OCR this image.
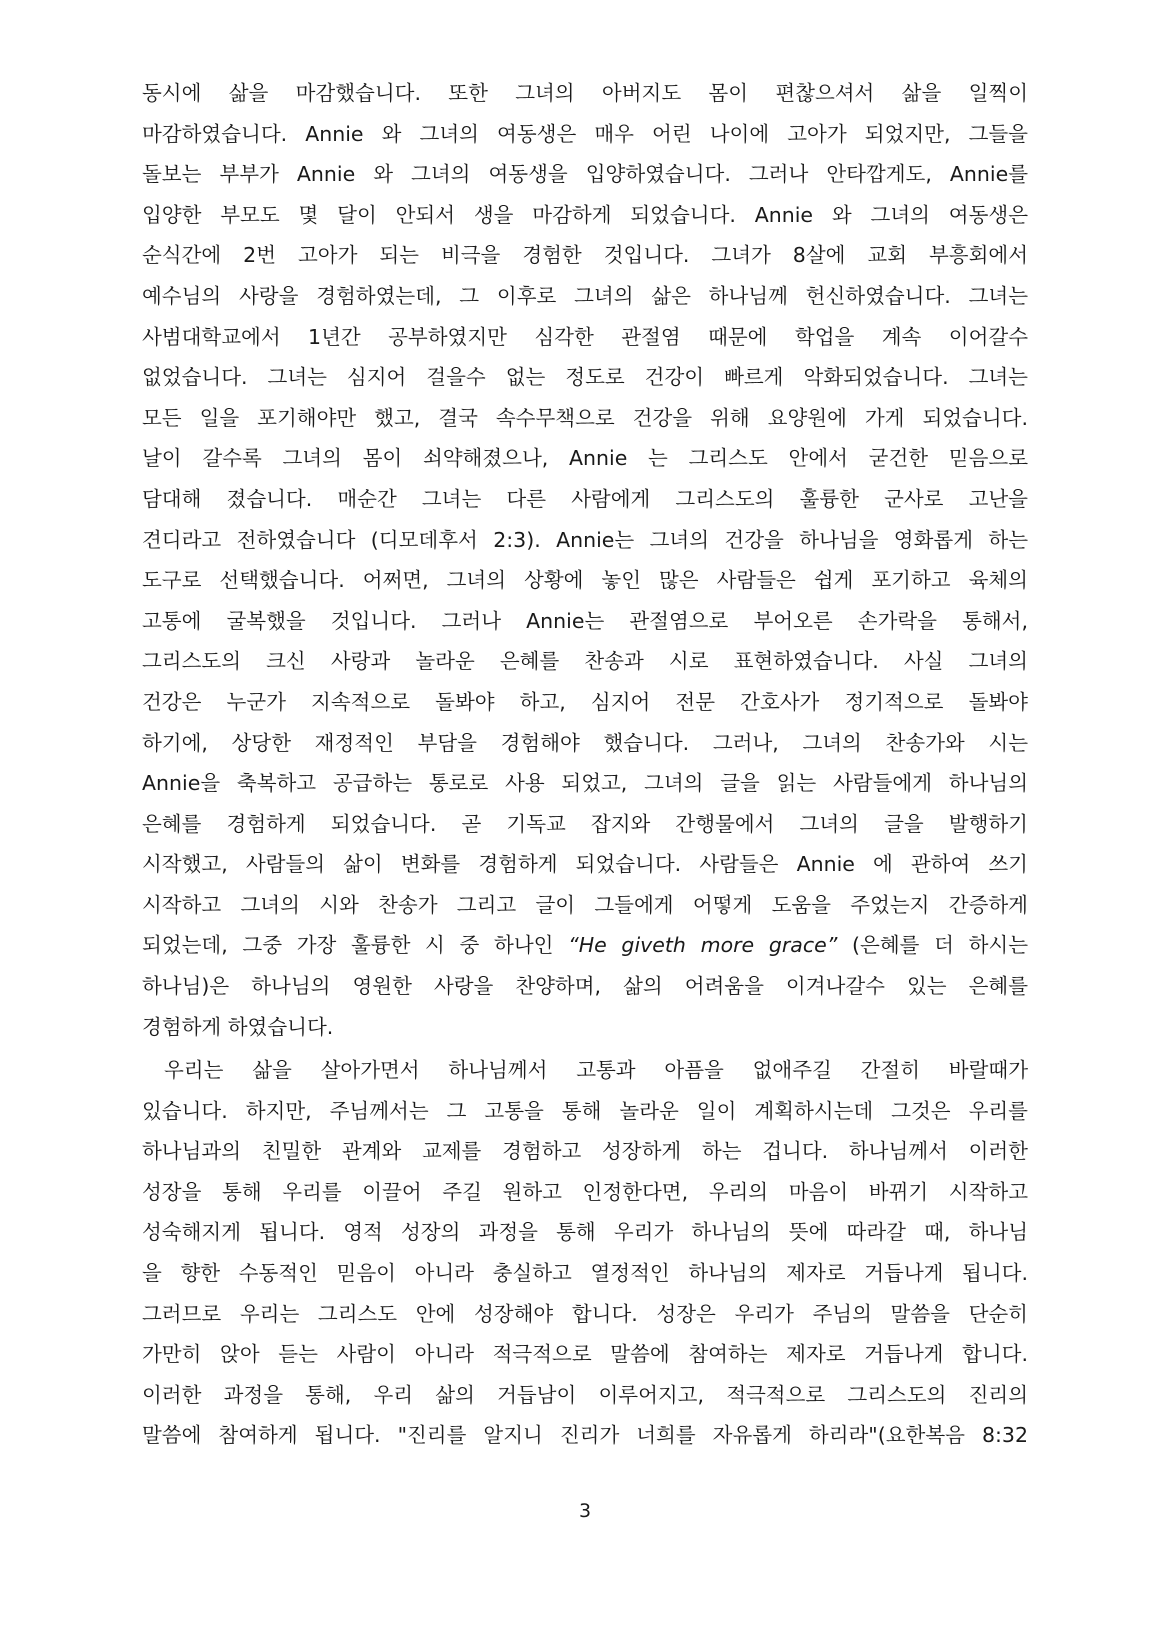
동시에 삶을 마감했습니다. 또한 그녀의 아버지도 몸이 편찮으셔서 삶을 일찍이
마감하였습니다. Annie 와 그녀의 여동생은 매우 어린 나이에 고아가 되었지만, 그들을
돌보는 부부가 Annie 와 그녀의 여동생을 입양하였습니다. 그러나 안타깝게도, Annie를
입양한 부모도 몇 달이 안되서 생을 마감하게 되었습니다. Annie 와 그녀의 여동생은
순식간에 2번 고아가 되는 비극을 경험한 것입니다. 그녀가 8살에 교회 부흥회에서
예수님의 사랑을 경험하였는데, 그 이후로 그녀의 삶은 하나님께 헌신하였습니다. 그녀는
사범대학교에서 1년간 공부하였지만 심각한 관절염 때문에 학업을 계속 이어갈수
없었습니다. 그녀는 심지어 걸을수 없는 정도로 건강이 빠르게 악화되었습니다. 그녀는
모든 일을 포기해야만 했고, 결국 속수무책으로 건강을 위해 요양원에 가게 되었습니다.
날이 갈수록 그녀의 몸이 쇠약해졌으나, Annie 는 그리스도 안에서 굳건한 믿음으로
담대해 졌습니다. 매순간 그녀는 다른 사람에게 그리스도의 훌륭한 군사로 고난을
견디라고 전하였습니다 (디모데후서 2:3). Annie는 그녀의 건강을 하나님을 영화롭게 하는
도구로 선택했습니다. 어쩌면, 그녀의 상황에 놓인 많은 사람들은 쉽게 포기하고 육체의
고통에 굴복했을 것입니다. 그러나 Annie는 관절염으로 부어오른 손가락을 통해서,
그리스도의 크신 사랑과 놀라운 은혜를 찬송과 시로 표현하였습니다. 사실 그녀의
건강은 누군가 지속적으로 돌봐야 하고, 심지어 전문 간호사가 정기적으로 돌봐야
하기에, 상당한 재정적인 부담을 경험해야 했습니다. 그러나, 그녀의 찬송가와 시는
Annie을 축복하고 공급하는 통로로 사용 되었고, 그녀의 글을 읽는 사람들에게 하나님의
은혜를 경험하게 되었습니다. 곧 기독교 잡지와 간행물에서 그녀의 글을 발행하기
시작했고, 사람들의 삶이 변화를 경험하게 되었습니다. 사람들은 Annie 에 관하여 쓰기
시작하고 그녀의 시와 찬송가 그리고 글이 그들에게 어떻게 도움을 주었는지 간증하게
되었는데, 그중 가장 훌륭한 시 중 하나인 “He giveth more grace” (은혜를 더 하시는
하나님)은 하나님의 영원한 사랑을 찬양하며, 삶의 어려움을 이겨나갈수 있는 은혜를
경험하게 하였습니다.
우리는 삶을 살아가면서 하나님께서 고통과 아픔을 없애주길 간절히 바랄때가
있습니다. 하지만, 주님께서는 그 고통을 통해 놀라운 일이 계획하시는데 그것은 우리를
하나님과의 친밀한 관계와 교제를 경험하고 성장하게 하는 겁니다. 하나님께서 이러한
성장을 통해 우리를 이끌어 주길 원하고 인정한다면, 우리의 마음이 바뀌기 시작하고
성숙해지게 됩니다. 영적 성장의 과정을 통해 우리가 하나님의 뜻에 따라갈 때, 하나님
을 향한 수동적인 믿음이 아니라 충실하고 열정적인 하나님의 제자로 거듭나게 됩니다.
그러므로 우리는 그리스도 안에 성장해야 합니다. 성장은 우리가 주님의 말씀을 단순히
가만히 앉아 듣는 사람이 아니라 적극적으로 말씀에 참여하는 제자로 거듭나게 합니다.
이러한 과정을 통해, 우리 삶의 거듭남이 이루어지고, 적극적으로 그리스도의 진리의
말씀에 참여하게 됩니다. "진리를 알지니 진리가 너희를 자유롭게 하리라"(요한복음 8:32
3
